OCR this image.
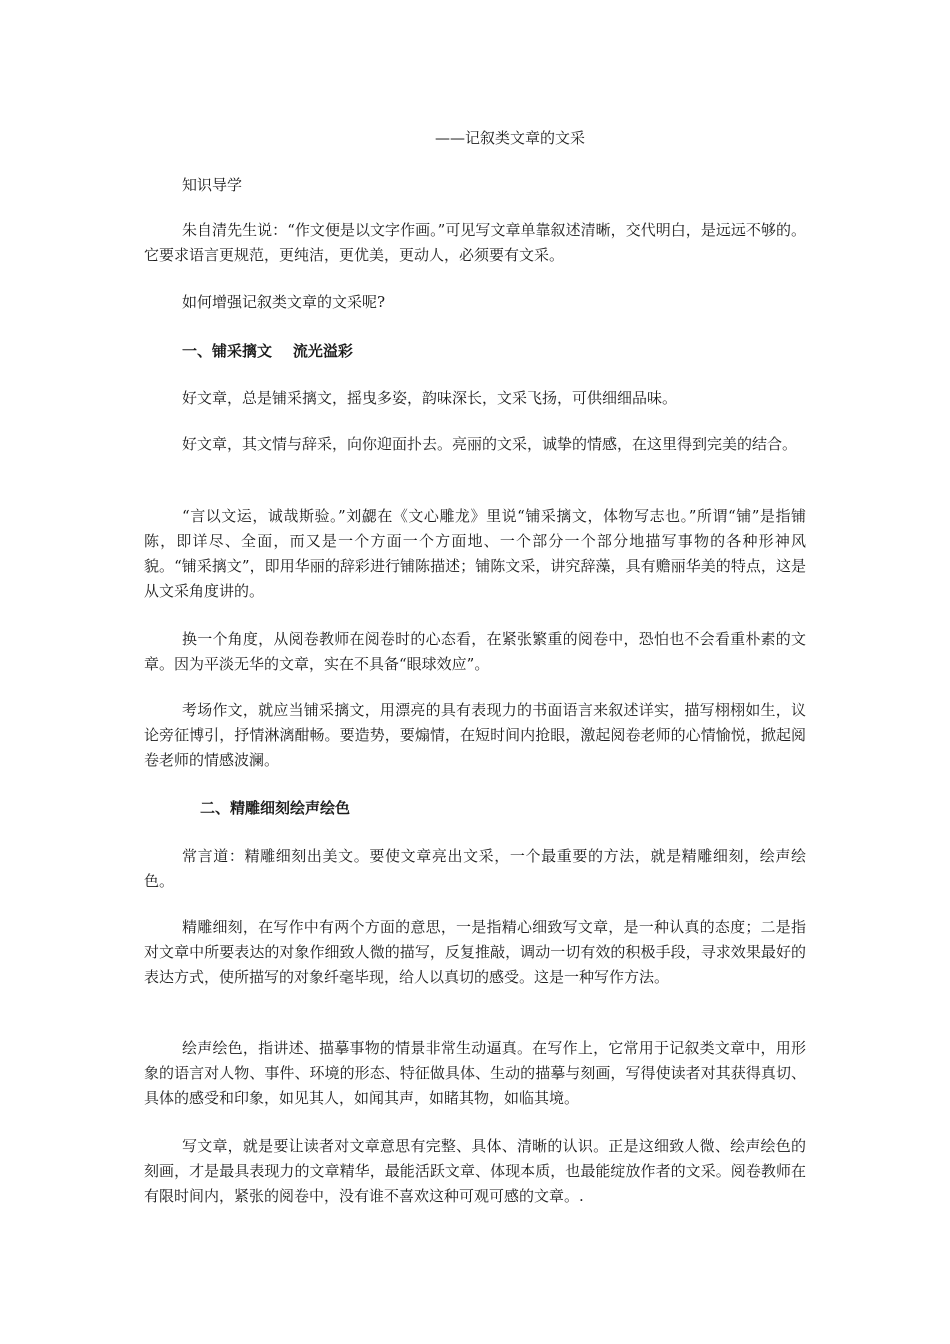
——记叙类文章的文采

知识导学

朱自清先生说：“作文便是以文字作画。”可见写文章单靠叙述清晰，交代明白，是远远不够的。它要求语言更规范，更纯洁，更优美，更动人，必须要有文采。

如何增强记叙类文章的文采呢?

一、铺采摛文    流光溢彩

好文章，总是铺采摛文，摇曳多姿，韵味深长，文采飞扬，可供细细品味。

好文章，其文情与辞采，向你迎面扑去。亮丽的文采，诚挚的情感，在这里得到完美的结合。

“言以文运，诚哉斯验。”刘勰在《文心雕龙》里说“铺采摛文，体物写志也。”所谓“铺”是指铺陈，即详尽、全面，而又是一个方面一个方面地、一个部分一个部分地描写事物的各种形神风貌。“铺采摛文”，即用华丽的辞彩进行铺陈描述；铺陈文采，讲究辞藻，具有赡丽华美的特点，这是从文采角度讲的。

换一个角度，从阅卷教师在阅卷时的心态看，在紧张繁重的阅卷中，恐怕也不会看重朴素的文章。因为平淡无华的文章，实在不具备“眼球效应”。

考场作文，就应当铺采摛文，用漂亮的具有表现力的书面语言来叙述详实，描写栩栩如生，议论旁征博引，抒情淋漓酣畅。要造势，要煽情，在短时间内抢眼，激起阅卷老师的心情愉悦，掀起阅卷老师的情感波澜。

二、精雕细刻绘声绘色

常言道：精雕细刻出美文。要使文章亮出文采，一个最重要的方法，就是精雕细刻，绘声绘色。

精雕细刻，在写作中有两个方面的意思，一是指精心细致写文章，是一种认真的态度；二是指对文章中所要表达的对象作细致人微的描写，反复推敲，调动一切有效的积极手段，寻求效果最好的表达方式，使所描写的对象纤毫毕现，给人以真切的感受。这是一种写作方法。

绘声绘色，指讲述、描摹事物的情景非常生动逼真。在写作上，它常用于记叙类文章中，用形象的语言对人物、事件、环境的形态、特征做具体、生动的描摹与刻画，写得使读者对其获得真切、具体的感受和印象，如见其人，如闻其声，如睹其物，如临其境。

写文章，就是要让读者对文章意思有完整、具体、清晰的认识。正是这细致人微、绘声绘色的刻画，才是最具表现力的文章精华，最能活跃文章、体现本质，也最能绽放作者的文采。阅卷教师在有限时间内，紧张的阅卷中，没有谁不喜欢这种可观可感的文章。.
